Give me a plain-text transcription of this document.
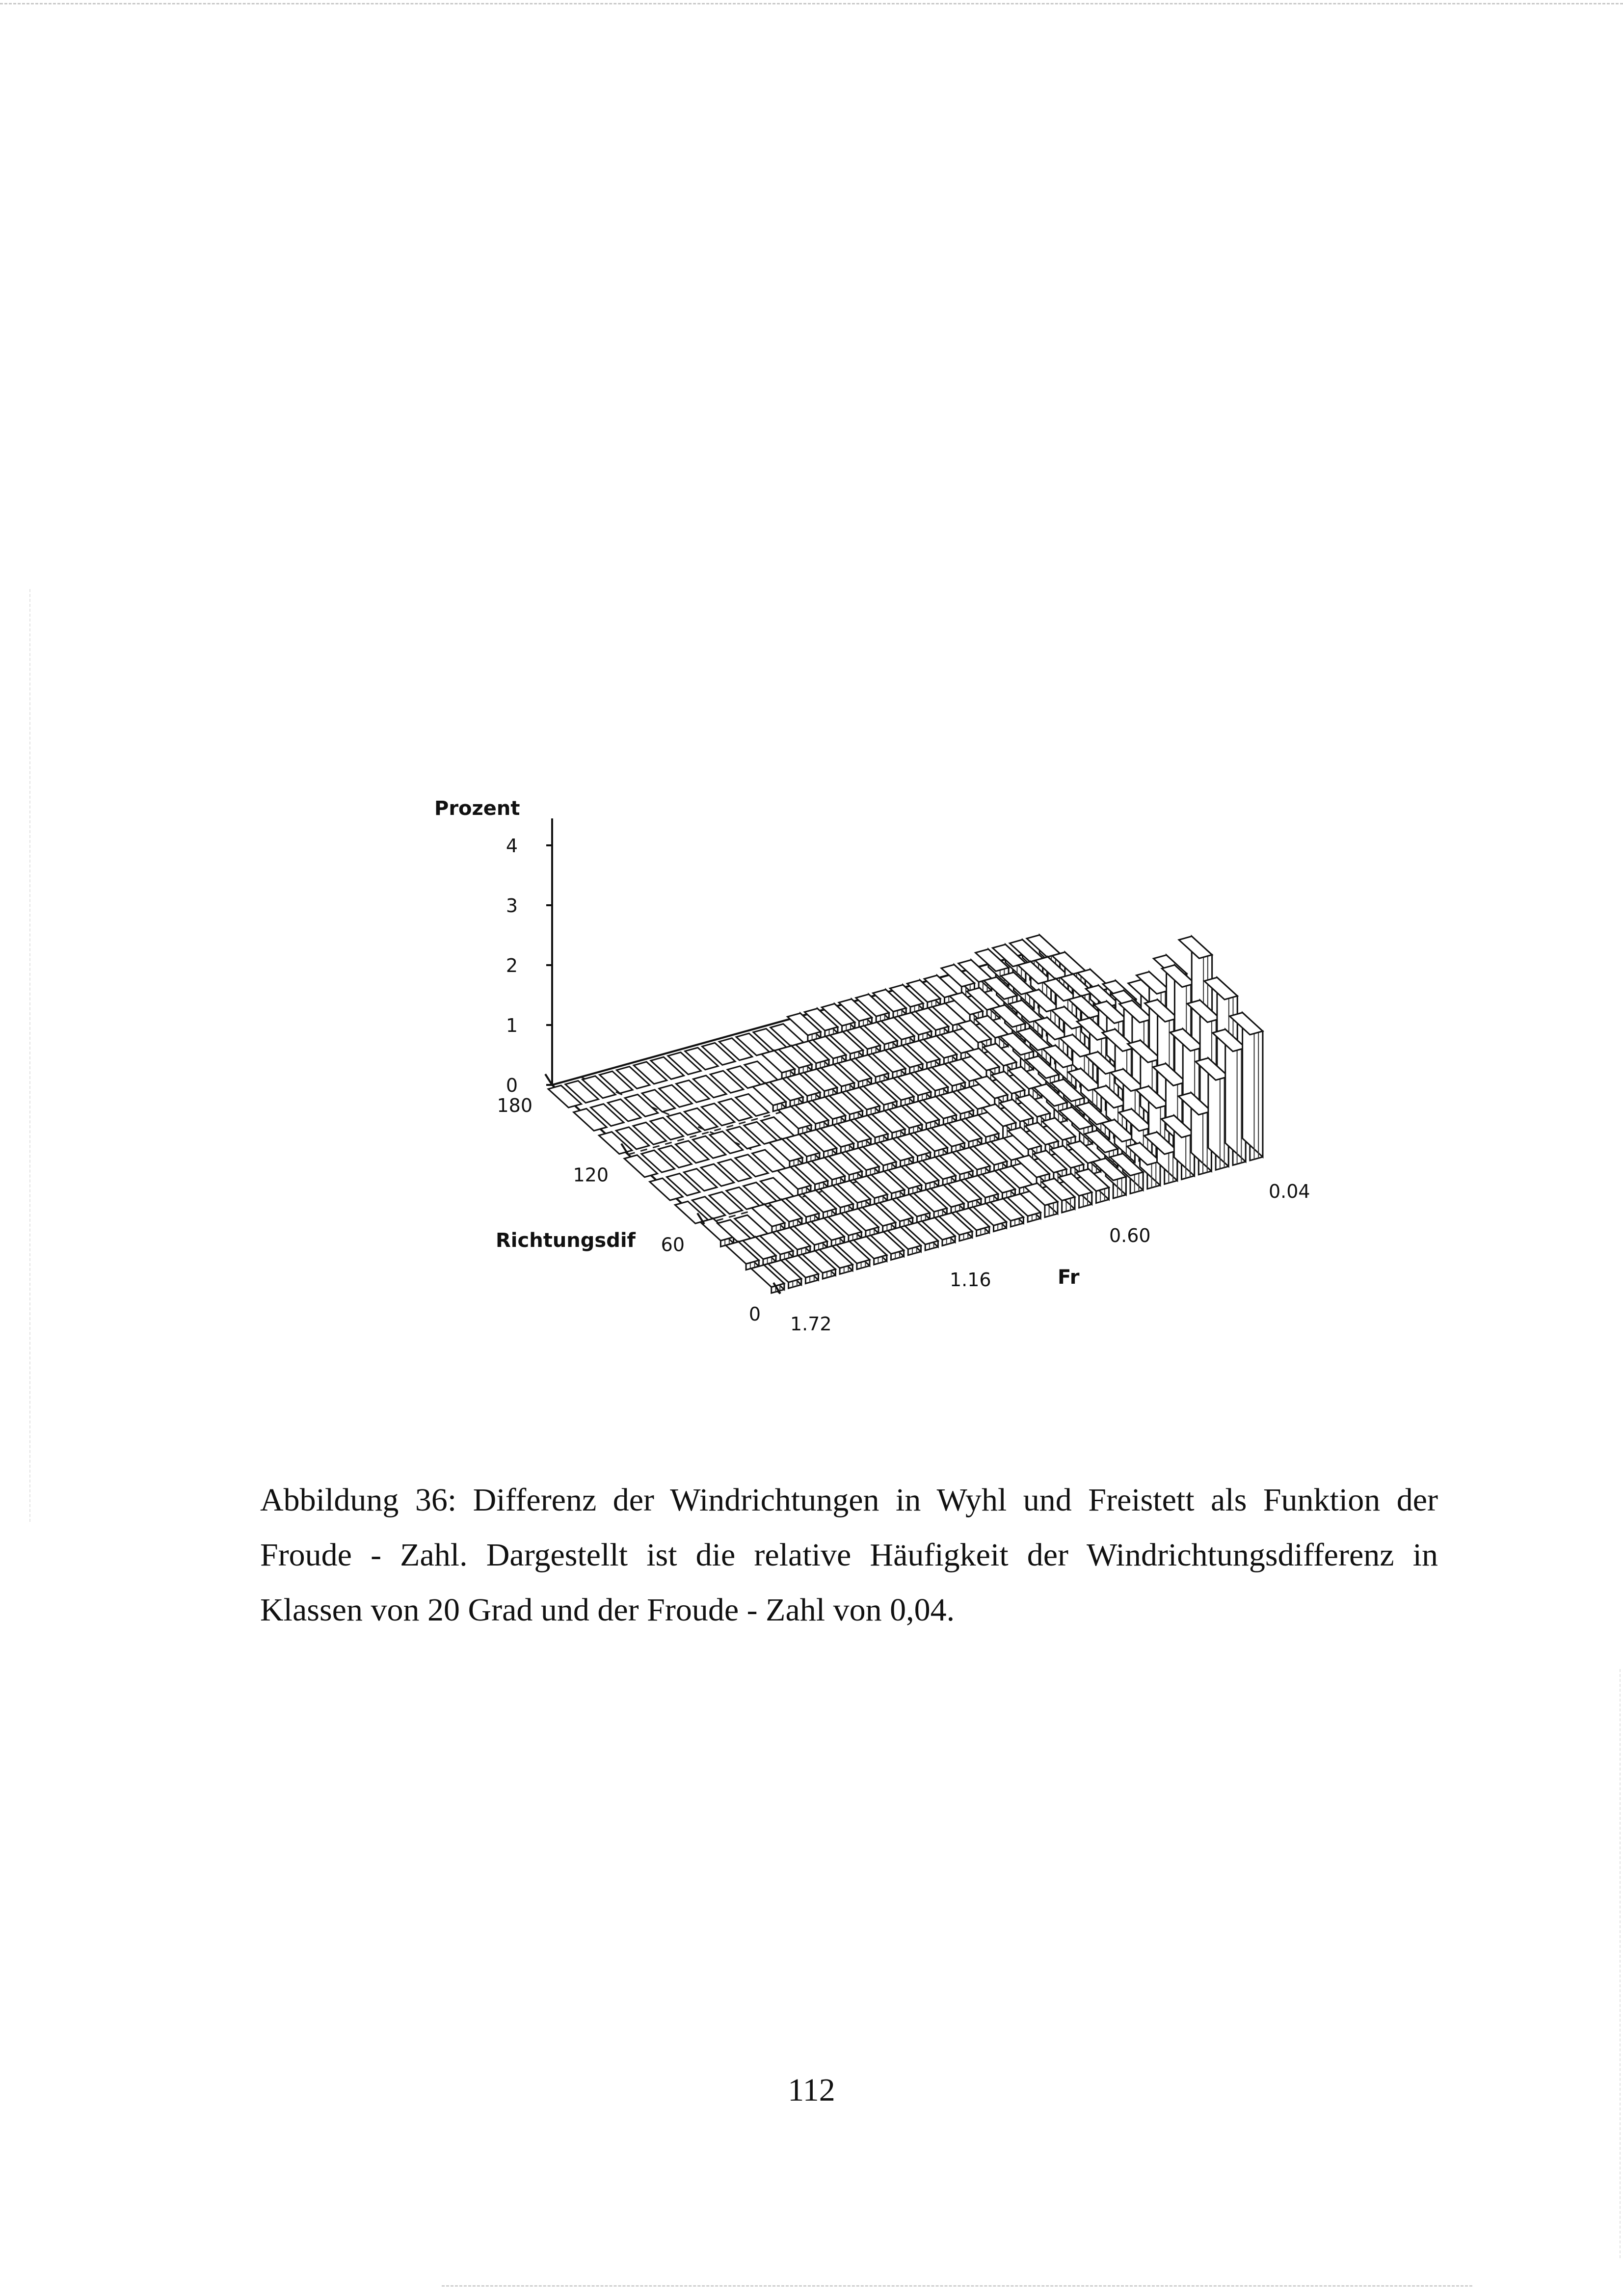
Prozent
Richtungsdif
Fr
0
1
2
3
4
0
60
120
180
1.72
1.16
0.60
0.04

Abbildung 36: Differenz der Windrichtungen in Wyhl und Freistett als Funktion der Froude - Zahl. Dargestellt ist die relative Häufigkeit der Windrichtungsdifferenz in Klassen von 20 Grad und der Froude - Zahl von 0,04.

112
